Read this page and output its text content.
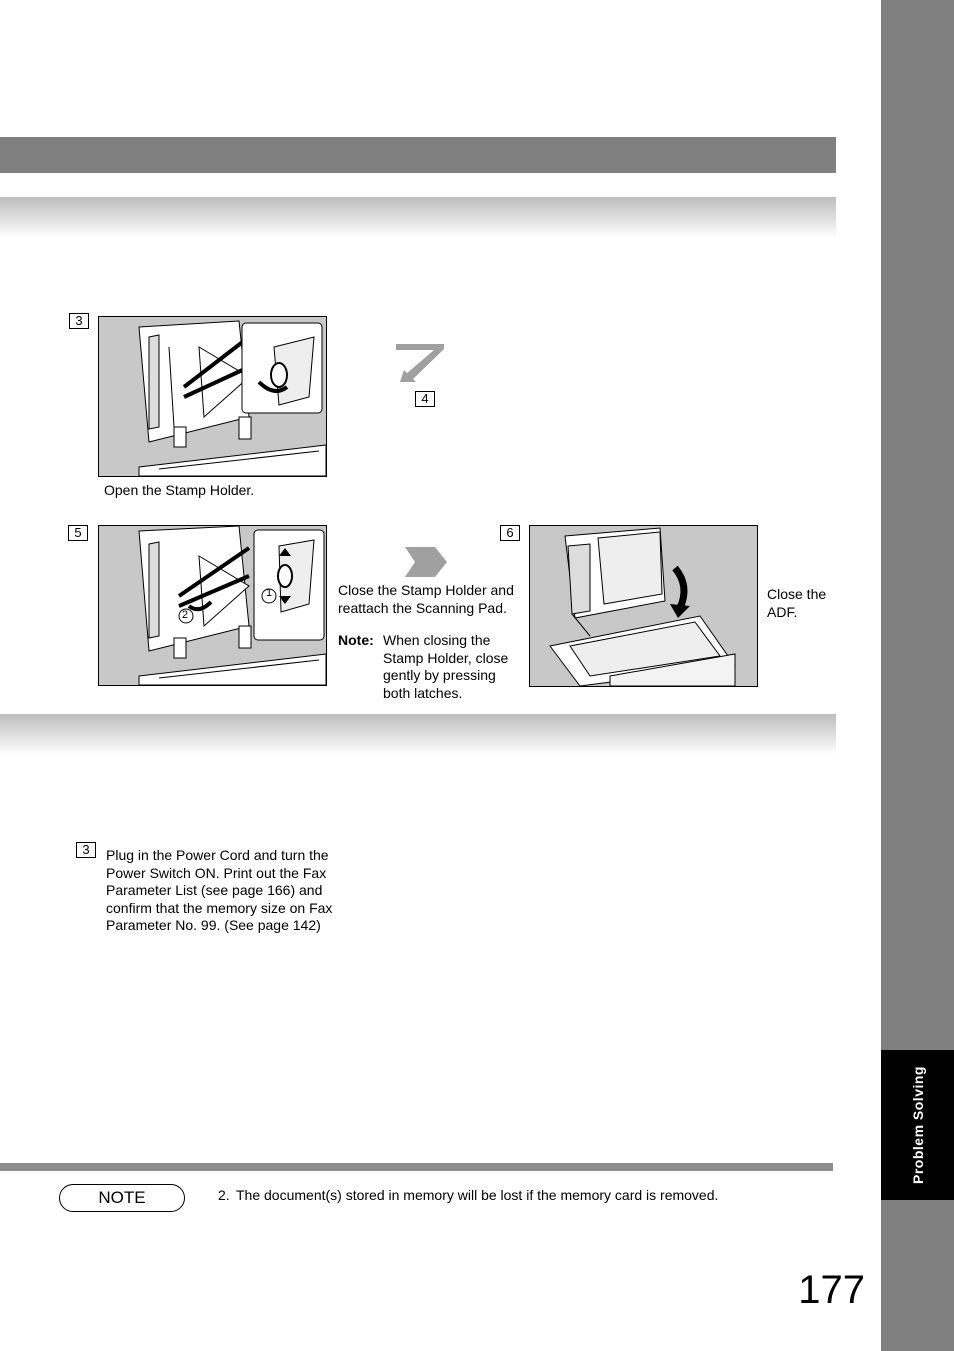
Problem Solving
3
Open the Stamp Holder.
4
5
1
2
Close the Stamp Holder and
reattach the Scanning Pad.
Note: When closing the
Stamp Holder, close
gently by pressing
both latches.
6
Close the
ADF.
3	Plug in the Power Cord and turn the
Power Switch ON. Print out the Fax
Parameter List (see page 166) and
confirm that the memory size on Fax
Parameter No. 99. (See page 142)
NOTE	2. The document(s) stored in memory will be lost if the memory card is removed.
177
